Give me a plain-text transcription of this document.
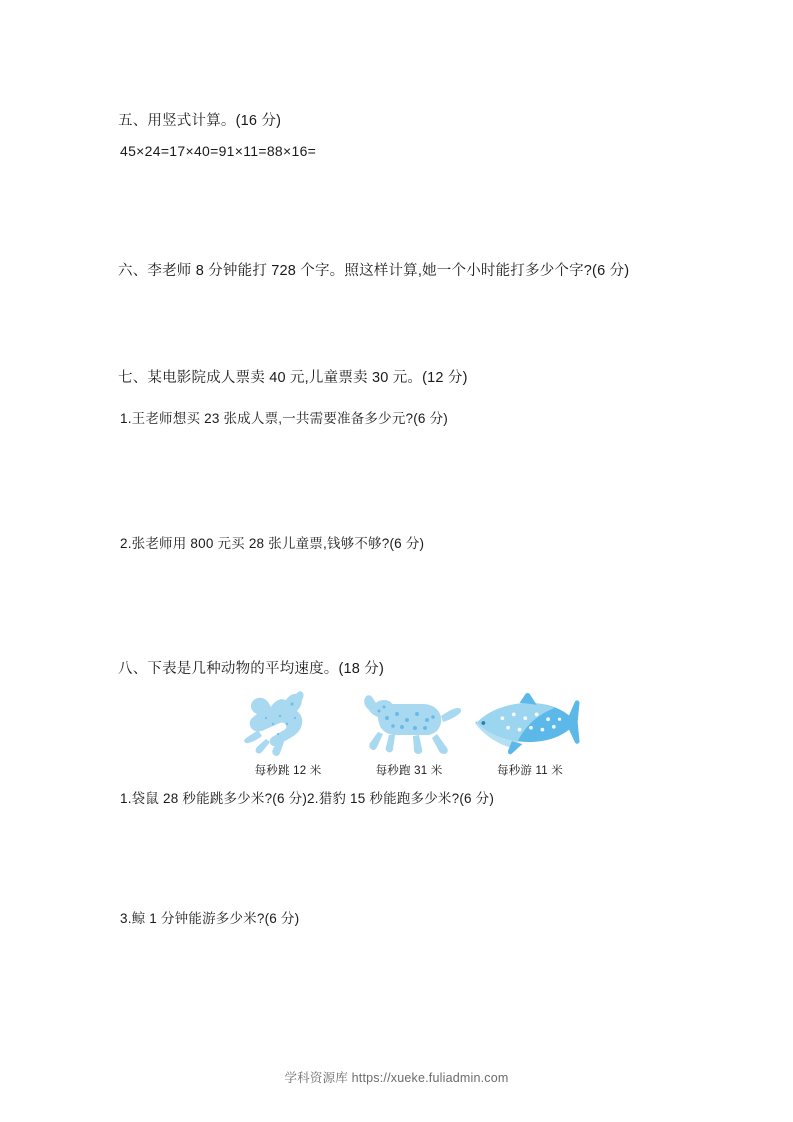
五、用竖式计算。(16 分)

45×24=17×40=91×11=88×16=

六、李老师 8 分钟能打 728 个字。照这样计算,她一个小时能打多少个字?(6 分)

七、某电影院成人票卖 40 元,儿童票卖 30 元。(12 分)

1.王老师想买 23 张成人票,一共需要准备多少元?(6 分)

2.张老师用 800 元买 28 张儿童票,钱够不够?(6 分)

八、下表是几种动物的平均速度。(18 分)

每秒跳 12 米	每秒跑 31 米	每秒游 11 米

1.袋鼠 28 秒能跳多少米?(6 分)2.猎豹 15 秒能跑多少米?(6 分)

3.鲸 1 分钟能游多少米?(6 分)

学科资源库 https://xueke.fuliadmin.com
